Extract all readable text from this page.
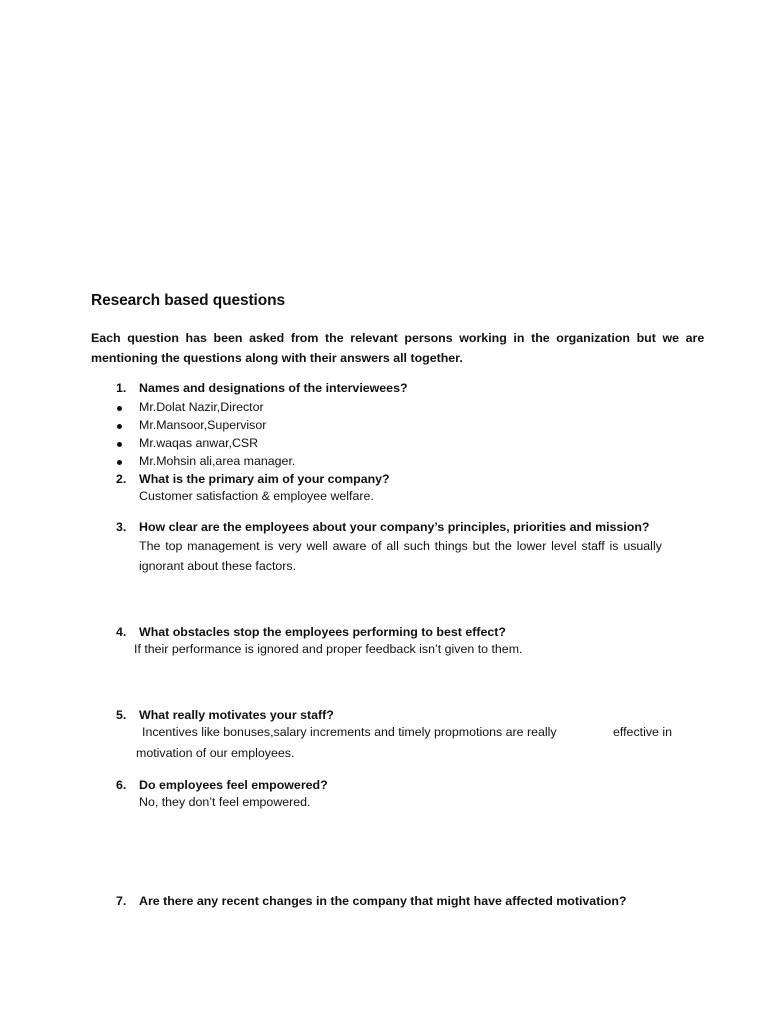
Research based questions
Each question has been asked from the relevant persons working in the organization but we are
mentioning the questions along with their answers all together.
1. Names and designations of the interviewees?
Mr.Dolat Nazir,Director
Mr.Mansoor,Supervisor
Mr.waqas anwar,CSR
Mr.Mohsin ali,area manager.
2. What is the primary aim of your company?
Customer satisfaction & employee welfare.
3. How clear are the employees about your company’s principles, priorities and mission?
The top management is very well aware of all such things but the lower level staff is usually
ignorant about these factors.
4. What obstacles stop the employees performing to best effect?
If their performance is ignored and proper feedback isn’t given to them.
5. What really motivates your staff?
Incentives like bonuses,salary increments and timely propmotions are really	effective in
motivation of our employees.
6. Do employees feel empowered?
No, they don’t feel empowered.
7. Are there any recent changes in the company that might have affected motivation?
